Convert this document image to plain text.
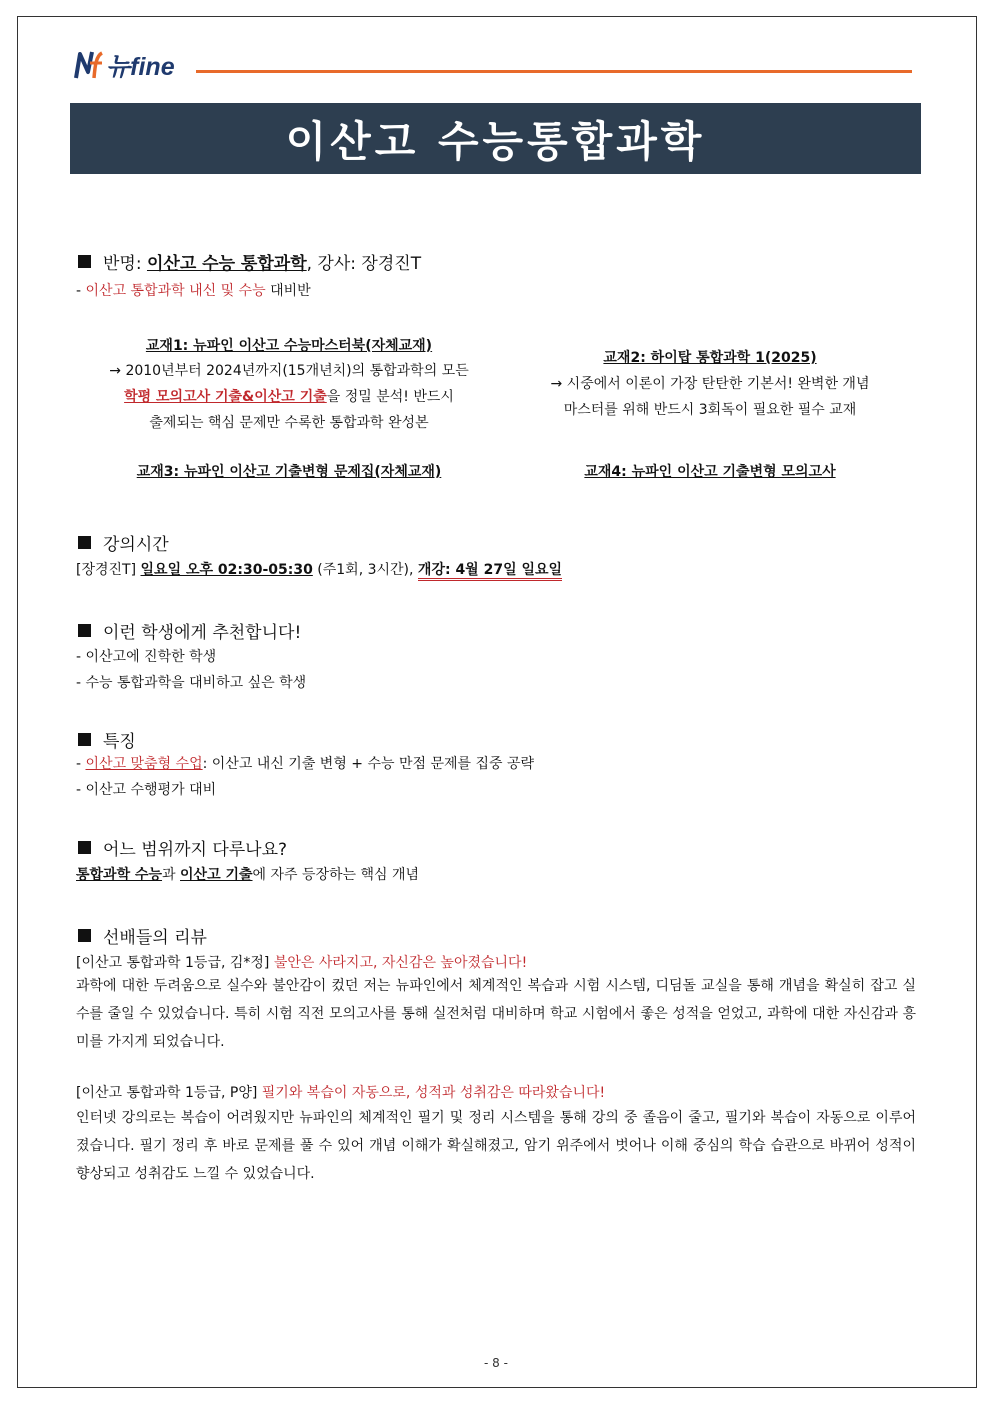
뉴fine
이산고 수능통합과학
반명:
이산고 수능 통합과학 , 강사:
장경진T
- 이산고 통합과학 내신 및 수능 대비반
교재1: 뉴파인 이산고 수능마스터북(자체교재)
→ 2010년부터 2024년까지(15개년치)의 통합과학의 모든
학평 모의고사 기출&이산고 기출을 정밀 분석! 반드시
출제되는 핵심 문제만 수록한 통합과학 완성본
교재2: 하이탑 통합과학 1(2025)
→ 시중에서 이론이 가장 탄탄한 기본서! 완벽한 개념
마스터를 위해 반드시 3회독이 필요한 필수 교재
교재3: 뉴파인 이산고 기출변형 문제집(자체교재)	교재4: 뉴파인 이산고 기출변형 모의고사
강의시간
[장경진T] 일요일 오후 02:30-05:30 (주1회, 3시간), 개강: 4월 27일 일요일
이런 학생에게 추천합니다!
- 이산고에 진학한 학생
- 수능 통합과학을 대비하고 싶은 학생
특징
- 이산고 맞춤형 수업: 이산고 내신 기출 변형 + 수능 만점 문제를 집중 공략
- 이산고 수행평가 대비
어느 범위까지 다루나요?
통합과학 수능과 이산고 기출에 자주 등장하는 핵심 개념
선배들의 리뷰
[이산고 통합과학 1등급, 김*정] 불안은 사라지고, 자신감은 높아졌습니다!
과학에 대한 두려움으로 실수와 불안감이 컸던 저는 뉴파인에서 체계적인 복습과 시험 시스템, 디딤돌 교실을 통해 개념을 확실히 잡고 실수를 줄일 수 있었습니다. 특히 시험 직전 모의고사를 통해 실전처럼 대비하며 학교 시험에서 좋은 성적을 얻었고, 과학에 대한 자신감과 흥미를 가지게 되었습니다.
[이산고 통합과학 1등급, P양] 필기와 복습이 자동으로, 성적과 성취감은 따라왔습니다!
인터넷 강의로는 복습이 어려웠지만 뉴파인의 체계적인 필기 및 정리 시스템을 통해 강의 중 졸음이 줄고, 필기와 복습이 자동으로 이루어졌습니다. 필기 정리 후 바로 문제를 풀 수 있어 개념 이해가 확실해졌고, 암기 위주에서 벗어나 이해 중심의 학습 습관으로 바뀌어 성적이 향상되고 성취감도 느낄 수 있었습니다.
- 8 -
